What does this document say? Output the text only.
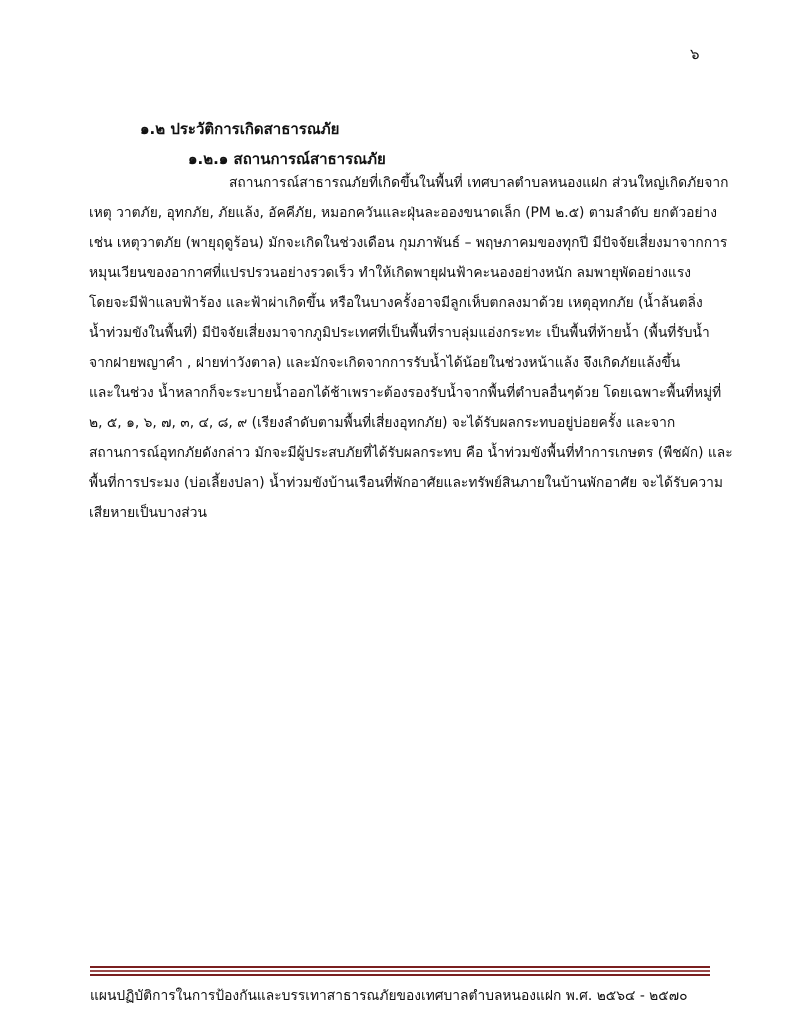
๖
๑.๒ ประวัติการเกิดสาธารณภัย
๑.๒.๑ สถานการณ์สาธารณภัย
สถานการณ์สาธารณภัยที่เกิดขึ้นในพื้นที่ เทศบาลตำบลหนองแฝก ส่วนใหญ่เกิดภัยจาก
เหตุ วาตภัย, อุทกภัย, ภัยแล้ง, อัคคีภัย, หมอกควันและฝุ่นละอองขนาดเล็ก (PM ๒.๕) ตามลำดับ ยกตัวอย่าง
เช่น เหตุวาตภัย (พายุฤดูร้อน) มักจะเกิดในช่วงเดือน กุมภาพันธ์ – พฤษภาคมของทุกปี มีปัจจัยเสี่ยงมาจากการ
หมุนเวียนของอากาศที่แปรปรวนอย่างรวดเร็ว ทำให้เกิดพายุฝนฟ้าคะนองอย่างหนัก ลมพายุพัดอย่างแรง
โดยจะมีฟ้าแลบฟ้าร้อง และฟ้าผ่าเกิดขึ้น หรือในบางครั้งอาจมีลูกเห็บตกลงมาด้วย เหตุอุทกภัย (น้ำล้นตลิ่ง
น้ำท่วมขังในพื้นที่) มีปัจจัยเสี่ยงมาจากภูมิประเทศที่เป็นพื้นที่ราบลุ่มแอ่งกระทะ เป็นพื้นที่ท้ายน้ำ (พื้นที่รับน้ำ
จากฝายพญาคำ , ฝายท่าวังตาล) และมักจะเกิดจากการรับน้ำได้น้อยในช่วงหน้าแล้ง จึงเกิดภัยแล้งขึ้น
และในช่วง น้ำหลากก็จะระบายน้ำออกได้ช้าเพราะต้องรองรับน้ำจากพื้นที่ตำบลอื่นๆด้วย โดยเฉพาะพื้นที่หมู่ที่
๒, ๕, ๑, ๖, ๗, ๓, ๔, ๘, ๙ (เรียงลำดับตามพื้นที่เสี่ยงอุทกภัย) จะได้รับผลกระทบอยู่บ่อยครั้ง และจาก
สถานการณ์อุทกภัยดังกล่าว มักจะมีผู้ประสบภัยที่ได้รับผลกระทบ คือ น้ำท่วมขังพื้นที่ทำการเกษตร (พืชผัก) และ
พื้นที่การประมง (บ่อเลี้ยงปลา) น้ำท่วมขังบ้านเรือนที่พักอาศัยและทรัพย์สินภายในบ้านพักอาศัย จะได้รับความ
เสียหายเป็นบางส่วน
แผนปฏิบัติการในการป้องกันและบรรเทาสาธารณภัยของเทศบาลตำบลหนองแฝก พ.ศ. ๒๕๖๔ - ๒๕๗๐
